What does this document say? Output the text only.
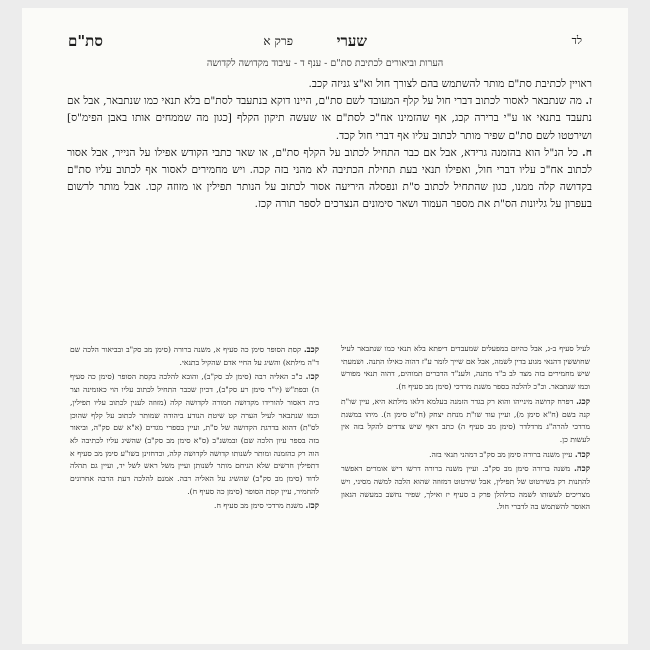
לד
שערי
פרק א
סת"ם
הערות וביאורים לכתיבת סת"ם - ענף ד - עיבוד מקדושה לקדושה

ראויין לכתיבת סת"ם מותר להשתמש בהם לצורך חול וא"צ גניזה קכב.

ז. מה שנתבאר לאסור לכתוב דברי חול על קלף המעובד לשם סת"ם, היינו דוקא בנתעבד לסת"ם בלא תנאי כמו שנתבאר, אבל אם נתעבד בתנאי או ע"י ברירה קכג, אף שהזמינו אח"כ לסת"ם או שעשה תיקון הקלף [כגון מה שממחים אותו באבן הפימ"ס] ושירטטו לשם סת"ם שפיר מותר לכתוב עליו אף דברי חול קכד.

ח. כל הנ"ל הוא בהזמנה גרידא, אבל אם כבר התחיל לכתוב על הקלף סת"ם, או שאר כתבי הקודש אפילו על הנייר, אבל אסור לכתוב אח"כ עליו דברי חול, ואפילו תנאי בעת תחילת הכתיבה לא מהני בזה קכה. ויש מחמירים לאסור אף לכתוב עליו סת"ם בקדושה קלה ממנו, כגון שהתחיל לכתוב ס"ת ונפסלה היריעה אסור לכתוב על הנותר תפילין או מזוזה קכו. אבל מותר לרשום בעפרון על גליונות הס"ת את מספר העמוד ושאר סימונים הנצרכים לספר תורה קכז.

לעיל סעיף ב-ג, אבל כהיום במפעלים שמעבדים דיפתא בלא תנאי כמו שנתבאר לעיל שחוששין דהנאי מגוע בדין לשמה, אבל אם שייך לומר ע"ז דהוה כאילו התנה. ושמעתי שיש מחמירים בזה מצד לב ב"ד מתנה, ולענ"ד הדברים תמוהים, דהוה תנאי מפורש וכמו שנתבאר. וכ"כ להלכה בספר משנת מרדכי (סימן מב סעיף ח).

קכג. דפרח קדושה מינייהו והוא רק בגדר הזמנה בעלמא דלאו מילתא היא, עיין שו"ת קנה בשם (ח"א סימן מ), ועיין עוד שו"ת מנחת יצחק (ח"ט סימן ה). מיהו במשנת מרדכי להרה"ג מרדלדר (סימן מב סעיף ה) כתב דאף שיש צדדים להקל בזה אין לעשות כן.

קכד. עיין משנה ברורה סימן מב סק"ב דמהני תנאי בזה.

קכה. משנה ברורה סימן מב סק"ב. ועיין משנה ברורה דרשו דיש אומרים דאפשר להתנות רק בשירטוט של תפילין, אבל שירטוט דמזוזה שהוא הלכה למשה מסיני, ויש מצריכים לעשותו לשמה כדלהלן פרק ב סעיף יז ואילך, שפיר נחשב כמעשה הגאון האוסר להשתמש בה לדברי חול.

קכב. קסת הסופר סימן כה סעיף א, משנה ברורה (סימן מב סק"ב ובביאור הלכה שם ד"ה מילתא) והשיג על החיי אדם שהקיל בתנאי.

קכו. כ"כ האליה רבה (סימן לב סק"ב), והובא להלכה בקסת הסופר (סימן כה סעיף ה) ובפת"ש (יו"ד סימן רע סק"ב), דכיון שכבר התחיל לכתוב עליו הוי כאזמינה וצר ביה דאסור להורידו מקדושה חמורה לקדושה קלה (מזוזה לענין לכתוב עליו תפילין, וכמו שנתבאר לעיל הערה קט שיטת הנודע ביהודה שמותר לכתוב על קלף שהוכן לס"ת) דהוא בדרגת הקדושה של ס"ת, ועיין בספרי מגדים (א"א שם סק"ה, וביאור בזה בספר עיון הלכה שם) ובמשנ"ב (ס"א סימן מב סק"ב) שהשיג עליו לכתיבה לא הוה רק כהזמנה ומותר לשנותו קדושה לקדושה קלה, וכדחזינן בשו"ע סימן מב סעיף א דתפילין חדשים שלא הניחם מותר לשנותן ועיין משל ראש לשל יד, ועיין גם תהלה לדוד (סימן מב סק"ב) שהשיג על האליה רבה. אמנם להלכה דעת הרבה אחרונים להחמיר, עיין קסת הסופר (סימן כה סעיף ח).

קכז. משנת מרדכי סימן מב סעיף ח.
